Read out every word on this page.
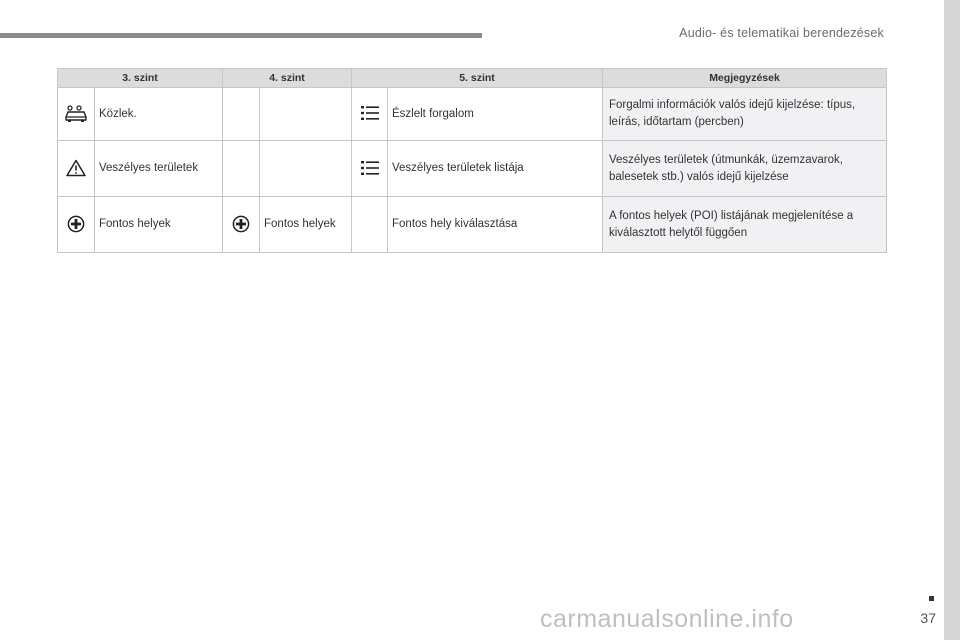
Audio- és telematikai berendezések
3. szint		4. szint		5. szint		Megjegyzések
	Közlek.				Észlelt forgalom	Forgalmi információk valós idejű kijelzése: típus, leírás, időtartam (percben)
	Veszélyes területek				Veszélyes területek listája	Veszélyes területek (útmunkák, üzemzavarok, balesetek stb.) valós idejű kijelzése
	Fontos helyek		Fontos helyek		Fontos hely kiválasztása	A fontos helyek (POI) listájának megjelenítése a kiválasztott helytől függően
37
carmanualsonline.info
